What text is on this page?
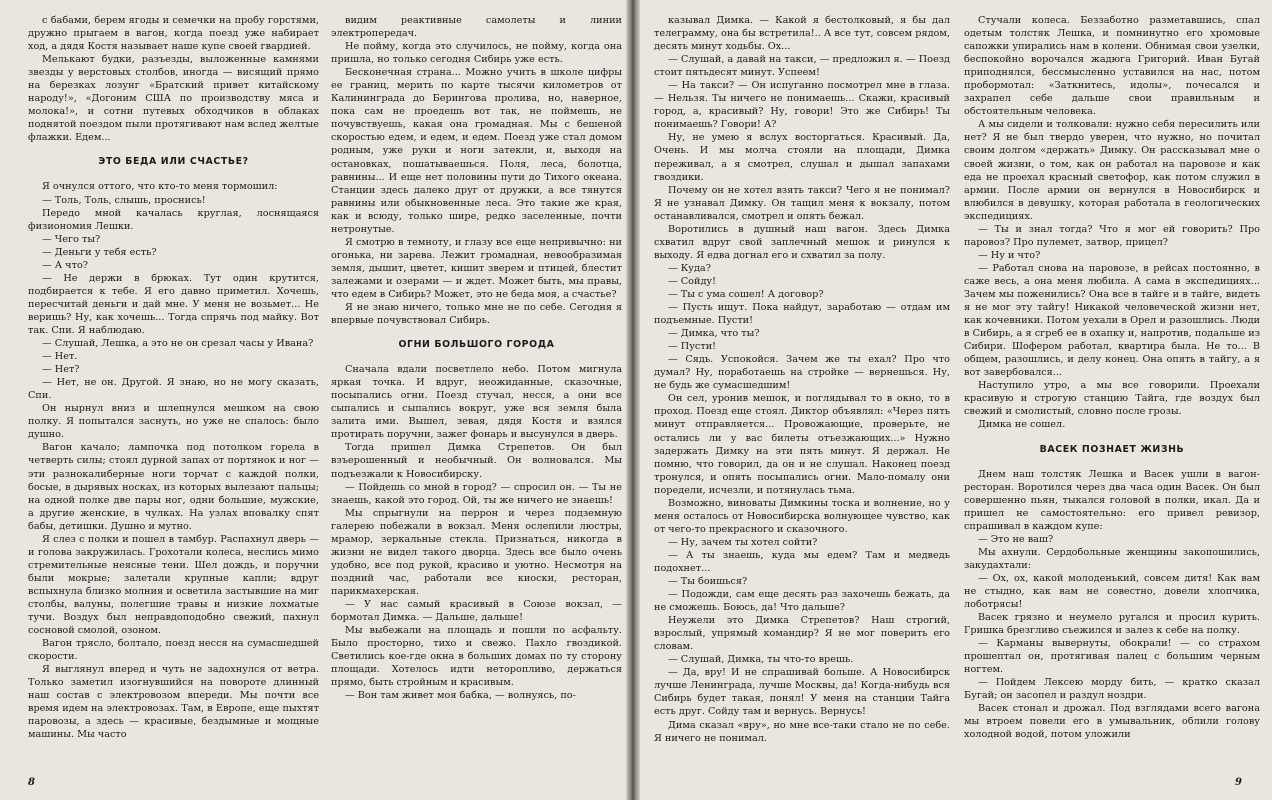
с бабами, берем ягоды и семечки на пробу горстями, дружно прыгаем в вагон, когда поезд уже набирает ход, а дядя Костя называет наше купе своей гвардией.

Мелькают будки, разъезды, выложенные камнями звезды у верстовых столбов, иногда — висящий прямо на березках лозунг «Братский привет китайскому народу!», «Догоним США по производству мяса и молока!», и сотни путевых обходчиков в облаках поднятой поездом пыли протягивают нам вслед желтые флажки. Едем...

ЭТО БЕДА ИЛИ СЧАСТЬЕ?

Я очнулся оттого, что кто-то меня тормошил:

— Толь, Толь, слышь, проснись!

Передо мной качалась круглая, лоснящаяся физиономия Лешки.

— Чего ты?

— Деньги у тебя есть?

— А что?

— Не держи в брюках. Тут один крутится, подбирается к тебе. Я его давно приметил. Хочешь, пересчитай деньги и дай мне. У меня не возьмет... Не веришь? Ну, как хочешь... Тогда спрячь под майку. Вот так. Спи. Я наблюдаю.

— Слушай, Лешка, а это не он срезал часы у Ивана?

— Нет.

— Нет?

— Нет, не он. Другой. Я знаю, но не могу сказать, Спи.

Он нырнул вниз и шлепнулся мешком на свою полку. Я попытался заснуть, но уже не спалось: было душно.

Вагон качало; лампочка под потолком горела в четверть силы; стоял дурной запах от портянок и ног — эти разнокалиберные ноги торчат с каждой полки, босые, в дырявых носках, из которых вылезают пальцы; на одной полке две пары ног, одни большие, мужские, а другие женские, в чулках. На узлах вповалку спят бабы, детишки. Душно и мутно.

Я слез с полки и пошел в тамбур. Распахнул дверь — и голова закружилась. Грохотали колеса, неслись мимо стремительные неясные тени. Шел дождь, и поручни были мокрые; залетали крупные капли; вдруг вспыхнула близко молния и осветила застывшие на миг столбы, валуны, полегшие травы и низкие лохматые тучи. Воздух был неправдоподобно свежий, пахнул сосновой смолой, озоном.

Вагон трясло, болтало, поезд несся на сумасшедшей скорости.

Я выглянул вперед и чуть не задохнулся от ветра. Только заметил изогнувшийся на повороте длинный наш состав с электровозом впереди. Мы почти все время идем на электровозах. Там, в Европе, еще пыхтят паровозы, а здесь — красивые, бездымные и мощные машины. Мы часто

видим реактивные самолеты и линии электропередач.

Не пойму, когда это случилось, не пойму, когда она пришла, но только сегодня Сибирь уже есть.

Бесконечная страна... Можно учить в школе цифры ее границ, мерить по карте тысячи километров от Калининграда до Берингова пролива, но, наверное, пока сам не проедешь вот так, не поймешь, не почувствуешь, какая она громадная. Мы с бешеной скоростью едем, и едем, и едем. Поезд уже стал домом родным, уже руки и ноги затекли, и, выходя на остановках, пошатываешься. Поля, леса, болотца, равнины... И еще нет половины пути до Тихого океана. Станции здесь далеко друг от дружки, а все тянутся равнины или обыкновенные леса. Это такие же края, как и всюду, только шире, редко заселенные, почти нетронутые.

Я смотрю в темноту, и глазу все еще непривычно: ни огонька, ни зарева. Лежит громадная, невообразимая земля, дышит, цветет, кишит зверем и птицей, блестит залежами и озерами — и ждет. Может быть, мы правы, что едем в Сибирь? Может, это не беда моя, а счастье?

Я не знаю ничего, только мне не по себе. Сегодня я впервые почувствовал Сибирь.

ОГНИ БОЛЬШОГО ГОРОДА

Сначала вдали посветлело небо. Потом мигнула яркая точка. И вдруг, неожиданные, сказочные, посыпались огни. Поезд стучал, несся, а они все сыпались и сыпались вокруг, уже вся земля была залита ими. Вышел, зевая, дядя Костя и взялся протирать поручни, зажег фонарь и высунулся в дверь.

Тогда пришел Димка Стрепетов. Он был взъерошенный и необычный. Он волновался. Мы подъезжали к Новосибирску.

— Пойдешь со мной в город? — спросил он. — Ты не знаешь, какой это город. Ой, ты же ничего не знаешь!

Мы спрыгнули на перрон и через подземную галерею побежали в вокзал. Меня ослепили люстры, мрамор, зеркальные стекла. Признаться, никогда в жизни не видел такого дворца. Здесь все было очень удобно, все под рукой, красиво и уютно. Несмотря на поздний час, работали все киоски, ресторан, парикмахерская.

— У нас самый красивый в Союзе вокзал, — бормотал Димка. — Дальше, дальше!

Мы выбежали на площадь и пошли по асфальту. Было просторно, тихо и свежо. Пахло гвоздикой. Светились кое-где окна в больших домах по ту сторону площади. Хотелось идти неторопливо, держаться прямо, быть стройным и красивым.

— Вон там живет моя бабка, — волнуясь, по-

8

казывал Димка. — Какой я бестолковый, я бы дал телеграмму, она бы встретила!.. А все тут, совсем рядом, десять минут ходьбы. Ох...

— Слушай, а давай на такси, — предложил я. — Поезд стоит пятьдесят минут. Успеем!

— На такси? — Он испуганно посмотрел мне в глаза. — Нельзя. Ты ничего не понимаешь... Скажи, красивый город, а, красивый? Ну, говори! Это же Сибирь! Ты понимаешь? Говори! А?

Ну, не умею я вслух восторгаться. Красивый. Да, Очень. И мы молча стояли на площади, Димка переживал, а я смотрел, слушал и дышал запахами гвоздики.

Почему он не хотел взять такси? Чего я не понимал? Я не узнавал Димку. Он тащил меня к вокзалу, потом останавливался, смотрел и опять бежал.

Воротились в душный наш вагон. Здесь Димка схватил вдруг свой заплечный мешок и ринулся к выходу. Я едва догнал его и схватил за полу.

— Куда?

— Сойду!

— Ты с ума сошел! А договор?

— Пусть ищут. Пока найдут, заработаю — отдам им подъемные. Пусти!

— Димка, что ты?

— Пусти!

— Сядь. Успокойся. Зачем же ты ехал? Про что думал? Ну, поработаешь на стройке — вернешься. Ну, не будь же сумасшедшим!

Он сел, уронив мешок, и поглядывал то в окно, то в проход. Поезд еще стоял. Диктор объявлял: «Через пять минут отправляется... Провожающие, проверьте, не остались ли у вас билеты отъезжающих...» Нужно задержать Димку на эти пять минут. Я держал. Не помню, что говорил, да он и не слушал. Наконец поезд тронулся, и опять посыпались огни. Мало-помалу они поредели, исчезли, и потянулась тьма.

Возможно, виноваты Димкины тоска и волнение, но у меня осталось от Новосибирска волнующее чувство, как от чего-то прекрасного и сказочного.

— Ну, зачем ты хотел сойти?

— А ты знаешь, куда мы едем? Там и медведь подохнет...

— Ты боишься?

— Подожди, сам еще десять раз захочешь бежать, да не сможешь. Боюсь, да! Что дальше?

Неужели это Димка Стрепетов? Наш строгий, взрослый, упрямый командир? Я не мог поверить его словам.

— Слушай, Димка, ты что-то врешь.

— Да, вру! И не спрашивай больше. А Новосибирск лучше Ленинграда, лучше Москвы, да! Когда-нибудь вся Сибирь будет такая, понял! У меня на станции Тайга есть друг. Сойду там и вернусь. Вернусь!

Дима сказал «вру», но мне все-таки стало не по себе. Я ничего не понимал.

Стучали колеса. Беззаботно разметавшись, спал одетым толстяк Лешка, и помнинутно его хромовые сапожки упирались нам в колени. Обнимая свои узелки, беспокойно ворочался жадюга Григорий. Иван Бугай приподнялся, бессмысленно уставился на нас, потом пробормотал: «Заткнитесь, идолы», почесался и захрапел себе дальше свои правильным и обстоятельным человека.

А мы сидели и толковали: нужно себя пересилить или нет? Я не был твердо уверен, что нужно, но почитал своим долгом «держать» Димку. Он рассказывал мне о своей жизни, о том, как он работал на паровозе и как еда не проехал красный светофор, как потом служил в армии. После армии он вернулся в Новосибирск и влюбился в девушку, которая работала в геологических экспедициях.

— Ты и знал тогда? Что я мог ей говорить? Про паровоз? Про пулемет, затвор, прицел?

— Ну и что?

— Работал снова на паровозе, в рейсах постоянно, в саже весь, а она меня любила. А сама в экспедициях... Зачем мы поженились? Она все в тайге и в тайге, видеть я не мог эту тайгу! Никакой человеческой жизни нет, как кочевники. Потом уехали в Орел и разошлись. Люди в Сибирь, а я сгреб ее в охапку и, напротив, подальше из Сибири. Шофером работал, квартира была. Не то... В общем, разошлись, и делу конец. Она опять в тайгу, а я вот завербовался...

Наступило утро, а мы все говорили. Проехали красивую и строгую станцию Тайга, где воздух был свежий и смолистый, словно после грозы.

Димка не сошел.

ВАСЕК ПОЗНАЕТ ЖИЗНЬ

Днем наш толстяк Лешка и Васек ушли в вагон-ресторан. Воротился через два часа один Васек. Он был совершенно пьян, тыкался головой в полки, икал. Да и пришел не самостоятельно: его привел ревизор, спрашивал в каждом купе:

— Это не ваш?

Мы ахнули. Сердобольные женщины закопошились, закудахтали:

— Ох, ох, какой молоденький, совсем дитя! Как вам не стыдно, как вам не совестно, довели хлопчика, лоботрясы!

Васек грязно и неумело ругался и просил курить. Гришка брезгливо съежился и залез к себе на полку.

— Карманы вывернуты, обокрали! — со страхом прошептал он, протягивая палец с большим черным ногтем.

— Пойдем Лексею морду бить, — кратко сказал Бугай; он засопел и раздул ноздри.

Васек стонал и дрожал. Под взглядами всего вагона мы втроем повели его в умывальник, облили голову холодной водой, потом уложили

9
